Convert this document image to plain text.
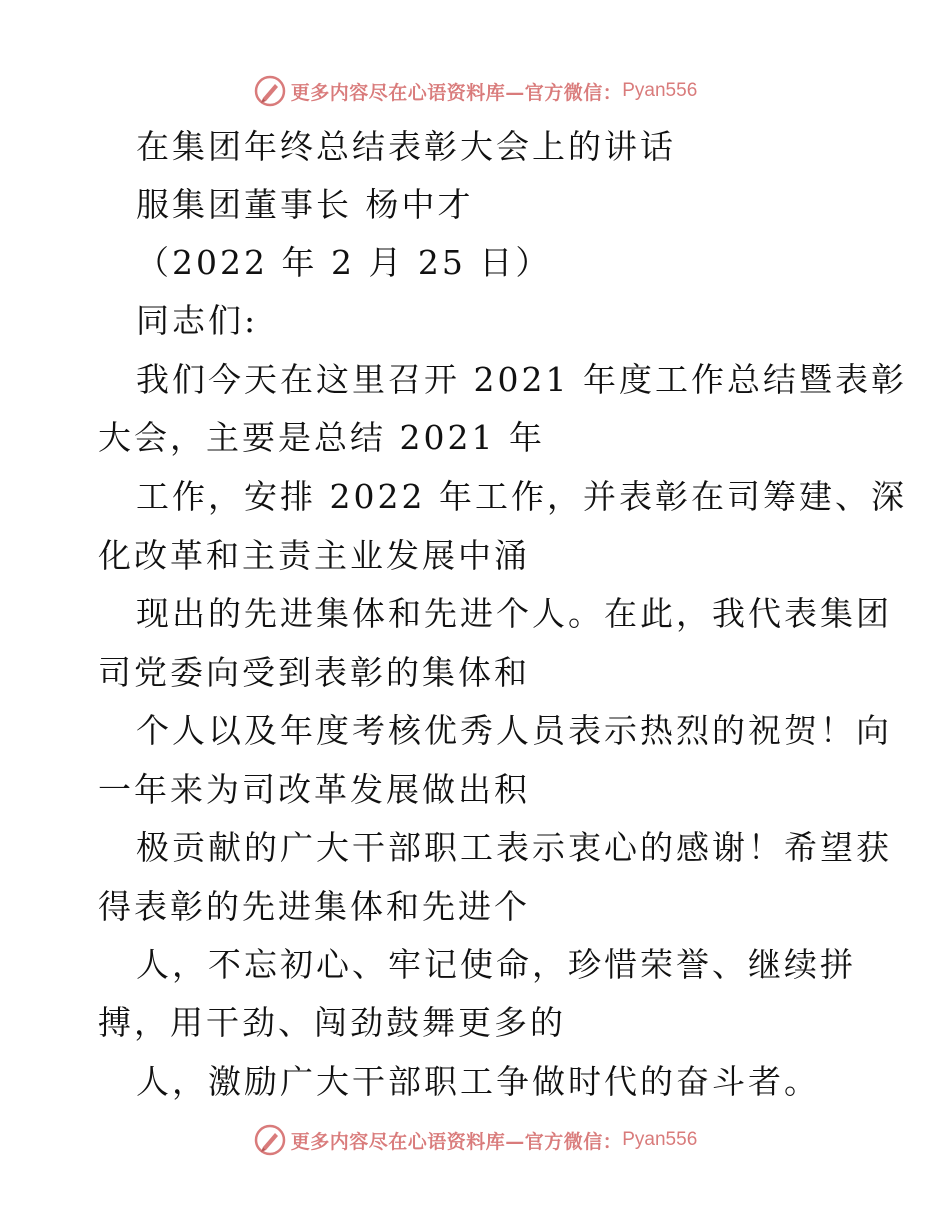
更多内容尽在心语资料库—官方微信： Pyan556
在集团年终总结表彰大会上的讲话
服集团董事长 杨中才
（2022 年 2 月 25 日）
同志们:
我们今天在这里召开 2021 年度工作总结暨表彰
大会，主要是总结 2021 年
工作，安排 2022 年工作，并表彰在司筹建、深
化改革和主责主业发展中涌
现出的先进集体和先进个人。在此，我代表集团
司党委向受到表彰的集体和
个人以及年度考核优秀人员表示热烈的祝贺！向
一年来为司改革发展做出积
极贡献的广大干部职工表示衷心的感谢！希望获
得表彰的先进集体和先进个
人，不忘初心、牢记使命，珍惜荣誉、继续拼
搏，用干劲、闯劲鼓舞更多的
人，激励广大干部职工争做时代的奋斗者。
更多内容尽在心语资料库—官方微信： Pyan556
